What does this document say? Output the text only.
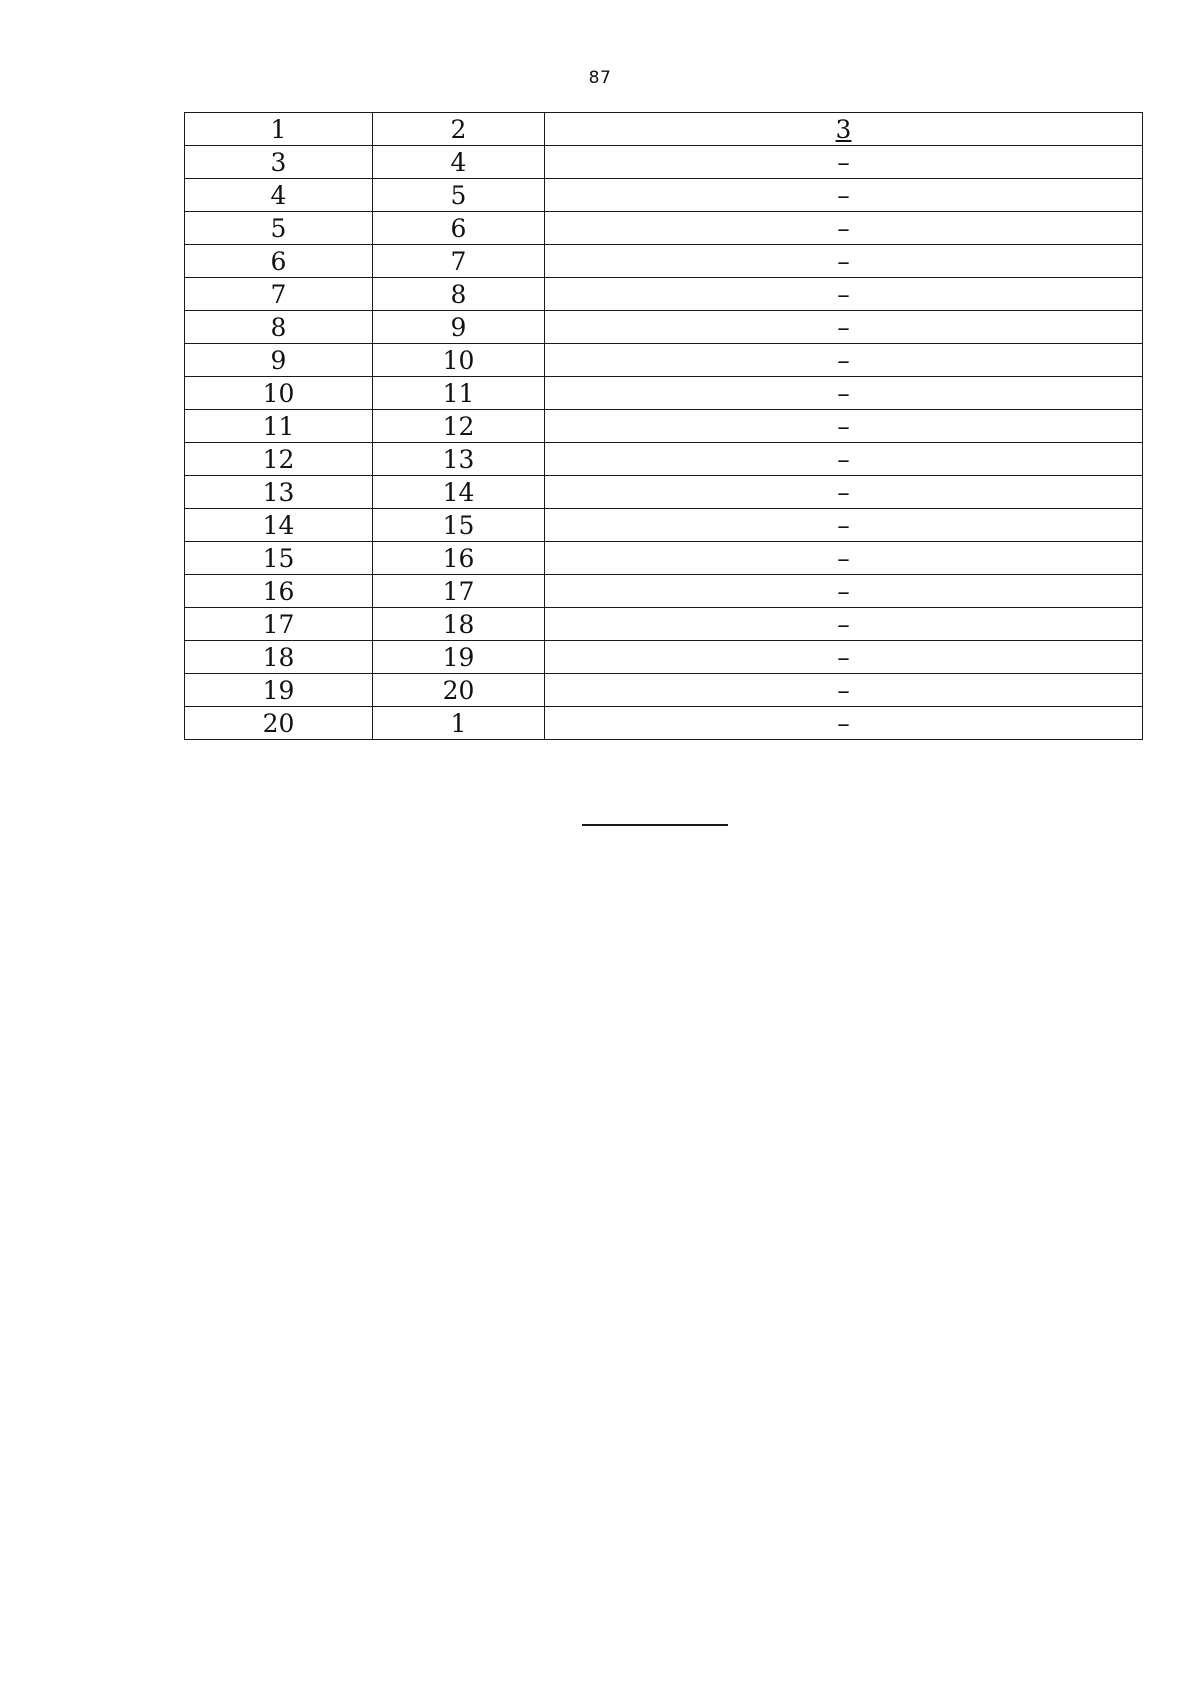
87
1	2	3
3	4	–
4	5	–
5	6	–
6	7	–
7	8	–
8	9	–
9	10	–
10	11	–
11	12	–
12	13	–
13	14	–
14	15	–
15	16	–
16	17	–
17	18	–
18	19	–
19	20	–
20	1	–
